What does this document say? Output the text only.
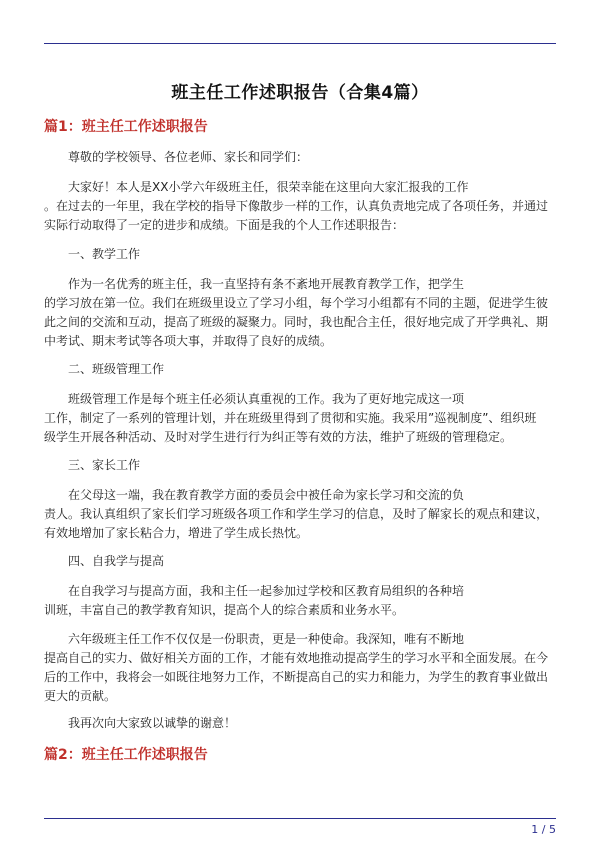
班主任工作述职报告（合集4篇）
篇1：班主任工作述职报告

尊敬的学校领导、各位老师、家长和同学们：

大家好！本人是XX小学六年级班主任，很荣幸能在这里向大家汇报我的工作

。在过去的一年里，我在学校的指导下像散步一样的工作，认真负责地完成了各项任务，并通过

实际行动取得了一定的进步和成绩。下面是我的个人工作述职报告：

一、教学工作

作为一名优秀的班主任，我一直坚持有条不紊地开展教育教学工作，把学生

的学习放在第一位。我们在班级里设立了学习小组，每个学习小组都有不同的主题，促进学生彼

此之间的交流和互动，提高了班级的凝聚力。同时，我也配合主任，很好地完成了开学典礼、期

中考试、期末考试等各项大事，并取得了良好的成绩。

二、班级管理工作

班级管理工作是每个班主任必须认真重视的工作。我为了更好地完成这一项

工作，制定了一系列的管理计划，并在班级里得到了贯彻和实施。我采用”巡视制度”、组织班

级学生开展各种活动、及时对学生进行行为纠正等有效的方法，维护了班级的管理稳定。

三、家长工作

在父母这一端，我在教育教学方面的委员会中被任命为家长学习和交流的负

责人。我认真组织了家长们学习班级各项工作和学生学习的信息，及时了解家长的观点和建议，

有效地增加了家长粘合力，增进了学生成长热忱。

四、自我学与提高

在自我学习与提高方面，我和主任一起参加过学校和区教育局组织的各种培

训班，丰富自己的教学教育知识，提高个人的综合素质和业务水平。

六年级班主任工作不仅仅是一份职责，更是一种使命。我深知，唯有不断地

提高自己的实力、做好相关方面的工作，才能有效地推动提高学生的学习水平和全面发展。在今

后的工作中，我将会一如既往地努力工作，不断提高自己的实力和能力，为学生的教育事业做出

更大的贡献。

我再次向大家致以诚挚的谢意！

篇2：班主任工作述职报告
1 / 5
